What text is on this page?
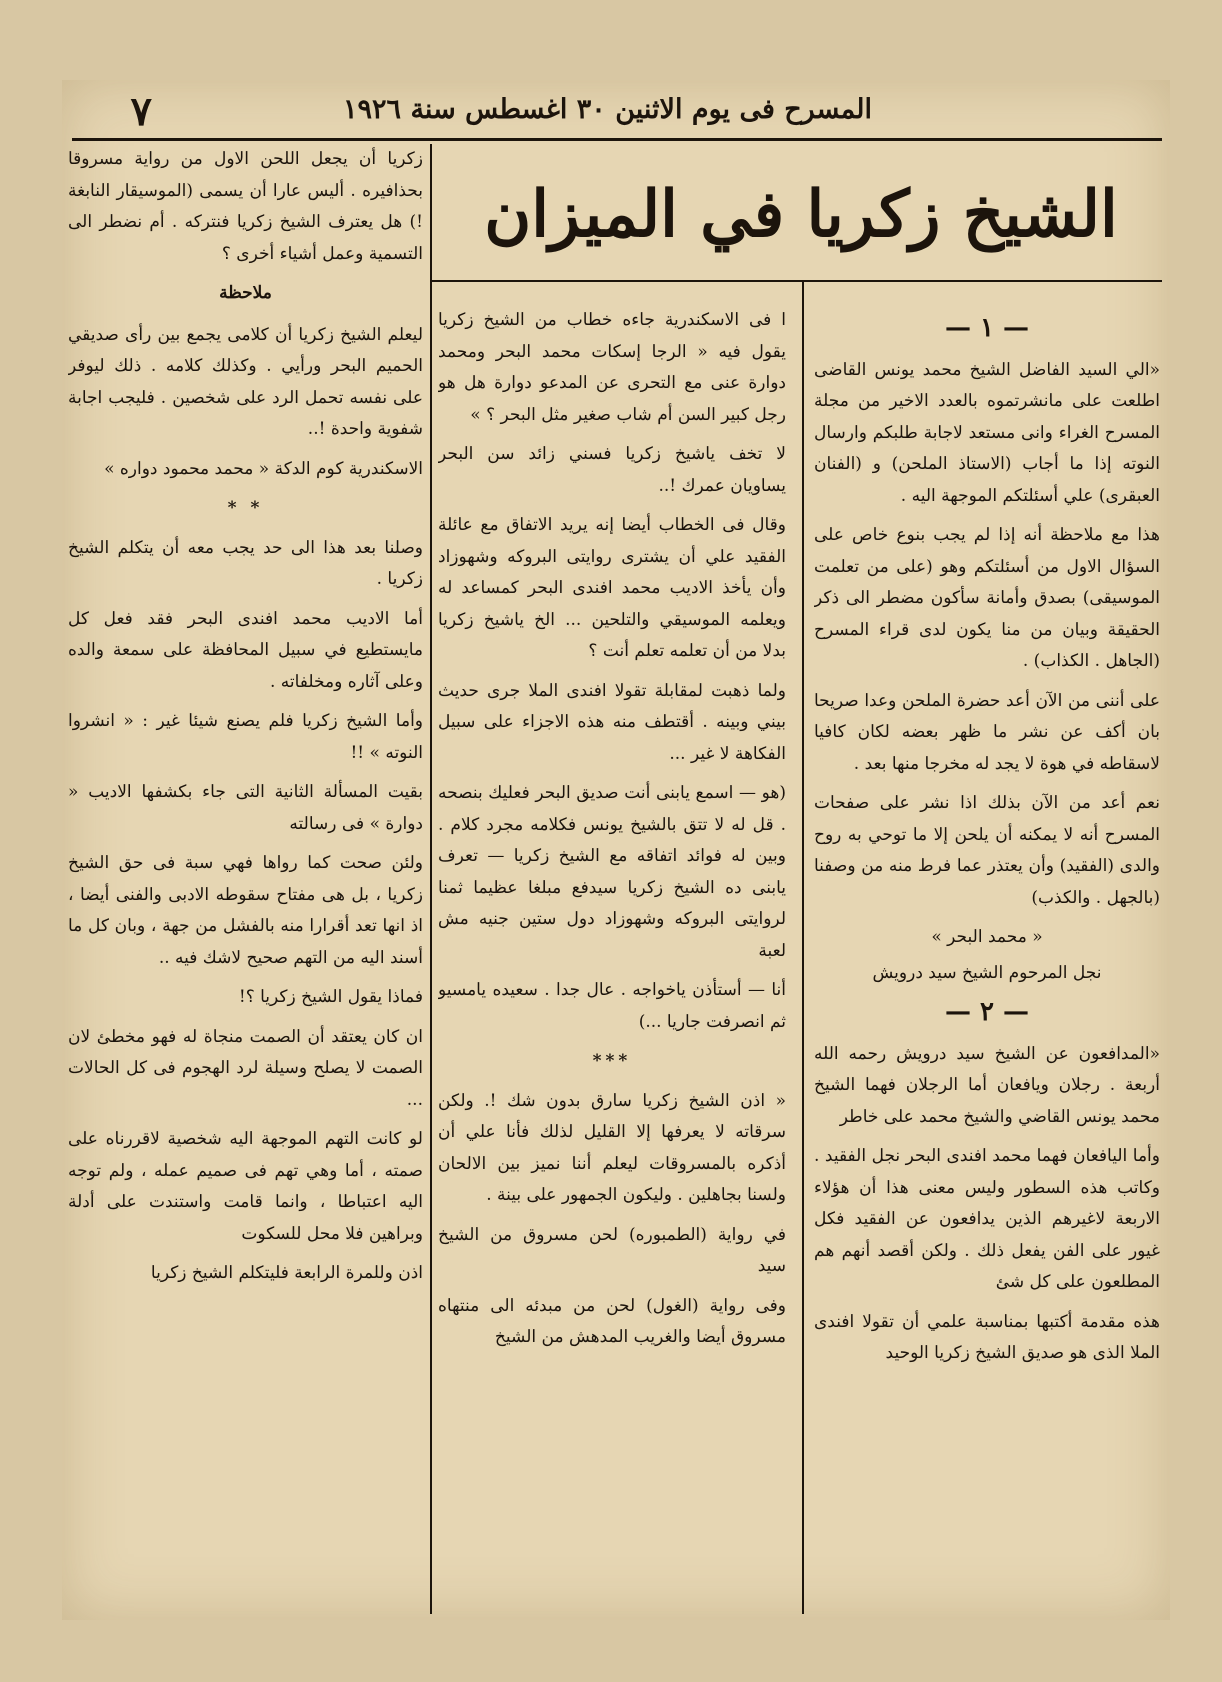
المسرح فى يوم الاثنين ٣٠ اغسطس سنة ١٩٢٦
٧
الشيخ زكريا في الميزان
— ١ —

«الي السيد الفاضل الشيخ محمد يونس القاضى اطلعت على مانشرتموه بالعدد الاخير من مجلة المسرح الغراء وانى مستعد لاجابة طلبكم وارسال النوته إذا ما أجاب (الاستاذ الملحن) و (الفنان العبقرى) علي أسئلتكم الموجهة اليه .

هذا مع ملاحظة أنه إذا لم يجب بنوع خاص على السؤال الاول من أسئلتكم وهو (على من تعلمت الموسيقى) بصدق وأمانة سأكون مضطر الى ذكر الحقيقة وبيان من منا يكون لدى قراء المسرح (الجاهل . الكذاب) .

على أننى من الآن أعد حضرة الملحن وعدا صريحا بان أكف عن نشر ما ظهر بعضه لكان كافيا لاسقاطه في هوة لا يجد له مخرجا منها بعد .

نعم أعد من الآن بذلك اذا نشر على صفحات المسرح أنه لا يمكنه أن يلحن إلا ما توحي به روح والدى (الفقيد) وأن يعتذر عما فرط منه من وصفنا (بالجهل . والكذب)

« محمد البحر »
نجل المرحوم الشيخ سيد درويش
— ٢ —

«المدافعون عن الشيخ سيد درويش رحمه الله أربعة . رجلان ويافعان أما الرجلان فهما الشيخ محمد يونس القاضي والشيخ محمد على خاطر

وأما اليافعان فهما محمد افندى البحر نجل الفقيد . وكاتب هذه السطور وليس معنى هذا أن هؤلاء الاربعة لاغيرهم الذين يدافعون عن الفقيد فكل غيور على الفن يفعل ذلك . ولكن أقصد أنهم هم المطلعون على كل شئ

هذه مقدمة أكتبها بمناسبة علمي أن تقولا افندى الملا الذى هو صديق الشيخ زكريا الوحيد

ا فى الاسكندرية جاءه خطاب من الشيخ زكريا يقول فيه « الرجا إسكات محمد البحر ومحمد دوارة عنى مع التحرى عن المدعو دوارة هل هو رجل كبير السن أم شاب صغير مثل البحر ؟ »

لا تخف ياشيخ زكريا فسني زائد سن البحر يساويان عمرك !..

وقال فى الخطاب أيضا إنه يريد الاتفاق مع عائلة الفقيد علي أن يشترى روايتى البروكه وشهوزاد وأن يأخذ الاديب محمد افندى البحر كمساعد له ويعلمه الموسيقي والتلحين ... الخ ياشيخ زكريا بدلا من أن تعلمه تعلم أنت ؟

ولما ذهبت لمقابلة تقولا افندى الملا جرى حديث بيني وبينه . أقتطف منه هذه الاجزاء على سبيل الفكاهة لا غير ...

(هو — اسمع يابنى أنت صديق البحر فعليك بنصحه . قل له لا تتق بالشيخ يونس فكلامه مجرد كلام . وبين له فوائد اتفاقه مع الشيخ زكريا — تعرف يابنى ده الشيخ زكريا سيدفع مبلغا عظيما ثمنا لروايتى البروكه وشهوزاد دول ستين جنيه مش لعبة

أنا — أستأذن ياخواجه . عال جدا . سعيده يامسيو ثم انصرفت جاريا ...)

***

« اذن الشيخ زكريا سارق بدون شك !. ولكن سرقاته لا يعرفها إلا القليل لذلك فأنا علي أن أذكره بالمسروقات ليعلم أننا نميز بين الالحان ولسنا بجاهلين . وليكون الجمهور على بينة .

في رواية (الطمبوره) لحن مسروق من الشيخ سيد

وفى رواية (الغول) لحن من مبدئه الى منتهاه مسروق أيضا والغريب المدهش من الشيخ

زكريا أن يجعل اللحن الاول من رواية مسروقا بحذافيره . أليس عارا أن يسمى (الموسيقار النابغة !) هل يعترف الشيخ زكريا فنتركه . أم نضطر الى التسمية وعمل أشياء أخرى ؟

ملاحظة

ليعلم الشيخ زكريا أن كلامى يجمع بين رأى صديقي الحميم البحر ورأيي . وكذلك كلامه . ذلك ليوفر على نفسه تحمل الرد على شخصين . فليجب اجابة شفوية واحدة !..

الاسكندرية كوم الدكة « محمد محمود دواره »

* *

وصلنا بعد هذا الى حد يجب معه أن يتكلم الشيخ زكريا .

أما الاديب محمد افندى البحر فقد فعل كل مايستطيع في سبيل المحافظة على سمعة والده وعلى آثاره ومخلفاته .

وأما الشيخ زكريا فلم يصنع شيئا غير : « انشروا النوته » !!

بقيت المسألة الثانية التى جاء بكشفها الاديب « دوارة » فى رسالته

ولئن صحت كما رواها فهي سبة فى حق الشيخ زكريا ، بل هى مفتاح سقوطه الادبى والفنى أيضا ، اذ انها تعد أقرارا منه بالفشل من جهة ، وبان كل ما أسند اليه من التهم صحيح لاشك فيه ..

فماذا يقول الشيخ زكريا ؟!

ان كان يعتقد أن الصمت منجاة له فهو مخطئ لان الصمت لا يصلح وسيلة لرد الهجوم فى كل الحالات ...

لو كانت التهم الموجهة اليه شخصية لاقررناه على صمته ، أما وهي تهم فى صميم عمله ، ولم توجه اليه اعتباطا ، وانما قامت واستندت على أدلة وبراهين فلا محل للسكوت

اذن وللمرة الرابعة فليتكلم الشيخ زكريا
